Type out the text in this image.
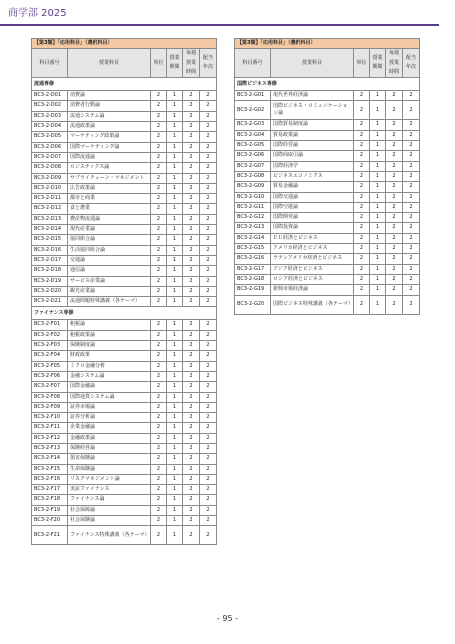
商学部 2025
【第3類】「応用科目」（選択科目）					
科目番号	授業科目	単位	授業期間	毎週授業時間	配当年次
流通専修					
BC3-2-D01	消費論	2	1	2	2
BC3-2-D02	消費者行動論	2	1	2	2
BC3-2-D03	流通システム論	2	1	2	2
BC3-2-D04	流通政策論	2	1	2	2
BC3-2-D05	マーケティング政策論	2	1	2	2
BC3-2-D06	国際マーケティング論	2	1	2	2
BC3-2-D07	国際流通論	2	1	2	2
BC3-2-D08	ロジスティクス論	2	1	2	2
BC3-2-D09	サプライチェーン・マネジメント	2	1	2	2
BC3-2-D10	広告政策論	2	1	2	2
BC3-2-D11	都市と商業	2	1	2	2
BC3-2-D12	食と農業	2	1	2	2
BC3-2-D13	農産物流通論	2	1	2	2
BC3-2-D14	現代産業論	2	1	2	2
BC3-2-D15	協同組合論	2	1	2	2
BC3-2-D16	生活協同組合論	2	1	2	2
BC3-2-D17	交通論	2	1	2	2
BC3-2-D18	通信論	2	1	2	2
BC3-2-D19	サービス産業論	2	1	2	2
BC3-2-D20	観光産業論	2	1	2	2
BC3-2-D21	流通問題特殊講義（各テーマ）	2	1	2	2
ファイナンス専修					
BC3-2-F01	租税論	2	1	2	2
BC3-2-F02	租税政策論	2	1	2	2
BC3-2-F03	保険制度論	2	1	2	2
BC3-2-F04	財政政策	2	1	2	2
BC3-2-F05	ミクロ金融分析	2	1	2	2
BC3-2-F06	金融システム論	2	1	2	2
BC3-2-F07	国際金融論	2	1	2	2
BC3-2-F08	国際通貨システム論	2	1	2	2
BC3-2-F09	証券市場論	2	1	2	2
BC3-2-F10	証券分析論	2	1	2	2
BC3-2-F11	企業金融論	2	1	2	2
BC3-2-F12	金融政策論	2	1	2	2
BC3-2-F13	保険経営論	2	1	2	2
BC3-2-F14	損害保険論	2	1	2	2
BC3-2-F15	生命保険論	2	1	2	2
BC3-2-F16	リスクマネジメント論	2	1	2	2
BC3-2-F17	実証ファイナンス	2	1	2	2
BC3-2-F18	ファイナンス論	2	1	2	2
BC3-2-F19	社会保障論	2	1	2	2
BC3-2-F20	社会保険論	2	1	2	2
BC3-2-F21	ファイナンス特殊講義（各テーマ）	2	1	2	2
【第3類】「応用科目」（選択科目）					
科目番号	授業科目	単位	授業期間	毎週授業時間	配当年次
国際ビジネス専修					
BC3-2-G01	現代世界経済論	2	1	2	2
BC3-2-G02	国際ビジネス・コミュニケーション論	2	1	2	2
BC3-2-G03	国際貿易制度論	2	1	2	2
BC3-2-G04	貿易政策論	2	1	2	2
BC3-2-G05	国際経営論	2	1	2	2
BC3-2-G06	国際商取引論	2	1	2	2
BC3-2-G07	国際経済学	2	1	2	2
BC3-2-G08	ビジネスエコノミクス	2	1	2	2
BC3-2-G09	貿易金融論	2	1	2	2
BC3-2-G10	国際交通論	2	1	2	2
BC3-2-G11	国際空運論	2	1	2	2
BC3-2-G12	国際開発論	2	1	2	2
BC3-2-G13	国際投資論	2	1	2	2
BC3-2-G14	ＥＵ経済とビジネス	2	1	2	2
BC3-2-G15	アメリカ経済とビジネス	2	1	2	2
BC3-2-G16	ラテンアメリカ経済とビジネス	2	1	2	2
BC3-2-G17	アジア経済とビジネス	2	1	2	2
BC3-2-G18	ロシア経済とビジネス	2	1	2	2
BC3-2-G19	新興市場経済論	2	1	2	2
BC3-2-G20	国際ビジネス特殊講義（各テーマ）	2	1	2	2
- 95 -
